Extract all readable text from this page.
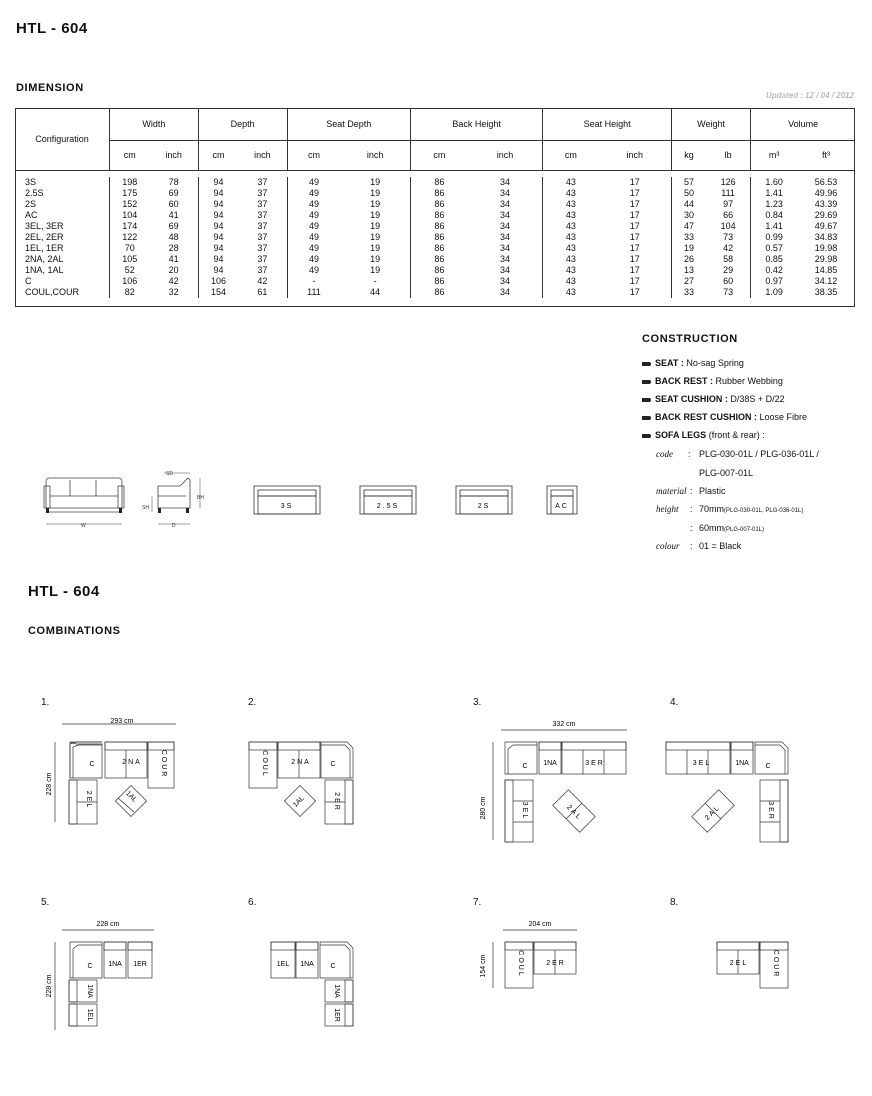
HTL - 604
DIMENSION
Updated : 12 / 04 / 2012
Configuration	Width		Depth		Seat Depth		Back Height		Seat Height		Weight		Volume	
	cm	inch	cm	inch	cm	inch	cm	inch	cm	inch	kg	lb	m³	ft³

3S	198	78	94	37	49	19	86	34	43	17	57	126	1.60	56.53
2.5S	175	69	94	37	49	19	86	34	43	17	50	111	1.41	49.96
2S	152	60	94	37	49	19	86	34	43	17	44	97	1.23	43.39
AC	104	41	94	37	49	19	86	34	43	17	30	66	0.84	29.69
3EL, 3ER	174	69	94	37	49	19	86	34	43	17	47	104	1.41	49.67
2EL, 2ER	122	48	94	37	49	19	86	34	43	17	33	73	0.99	34.83
1EL, 1ER	70	28	94	37	49	19	86	34	43	17	19	42	0.57	19.98
2NA, 2AL	105	41	94	37	49	19	86	34	43	17	26	58	0.85	29.98
1NA, 1AL	52	20	94	37	49	19	86	34	43	17	13	29	0.42	14.85
C	106	42	106	42	-	-	86	34	43	17	27	60	0.97	34.12
COUL,COUR	82	32	154	61	111	44	86	34	43	17	33	73	1.09	38.35

W	D
SD
BH
SH	3S	2.5S	2S	AC
CONSTRUCTION
SEAT : No-sag Spring
BACK REST : Rubber Webbing
SEAT CUSHION : D/38S + D/22
BACK REST CUSHION : Loose Fibre
SOFA LEGS (front & rear) :
code : PLG-030-01L / PLG-036-01L /
PLG-007-01L
material : Plastic
height : 70mm(PLG-030-01L, PLG-036-01L)
: 60mm(PLG-007-01L)
colour : 01 = Black
HTL - 604
COMBINATIONS
1.	2.	3.	4.
5.	6.	7.	8.
C	2NA	COUR
2EL	1AL
293 cm
228 cm
COUL	2NA	C
2ER
1AL
C 1NA	3ER
3EL	2AL
332 cm
280 cm
3EL	1NA C
3ER
2AL
C 1NA 1ER
1NA
1EL
228 cm
228 cm
1EL 1NA C
1NA
1ER
COUL	2ER
204 cm
154 cm	2EL	COUR
